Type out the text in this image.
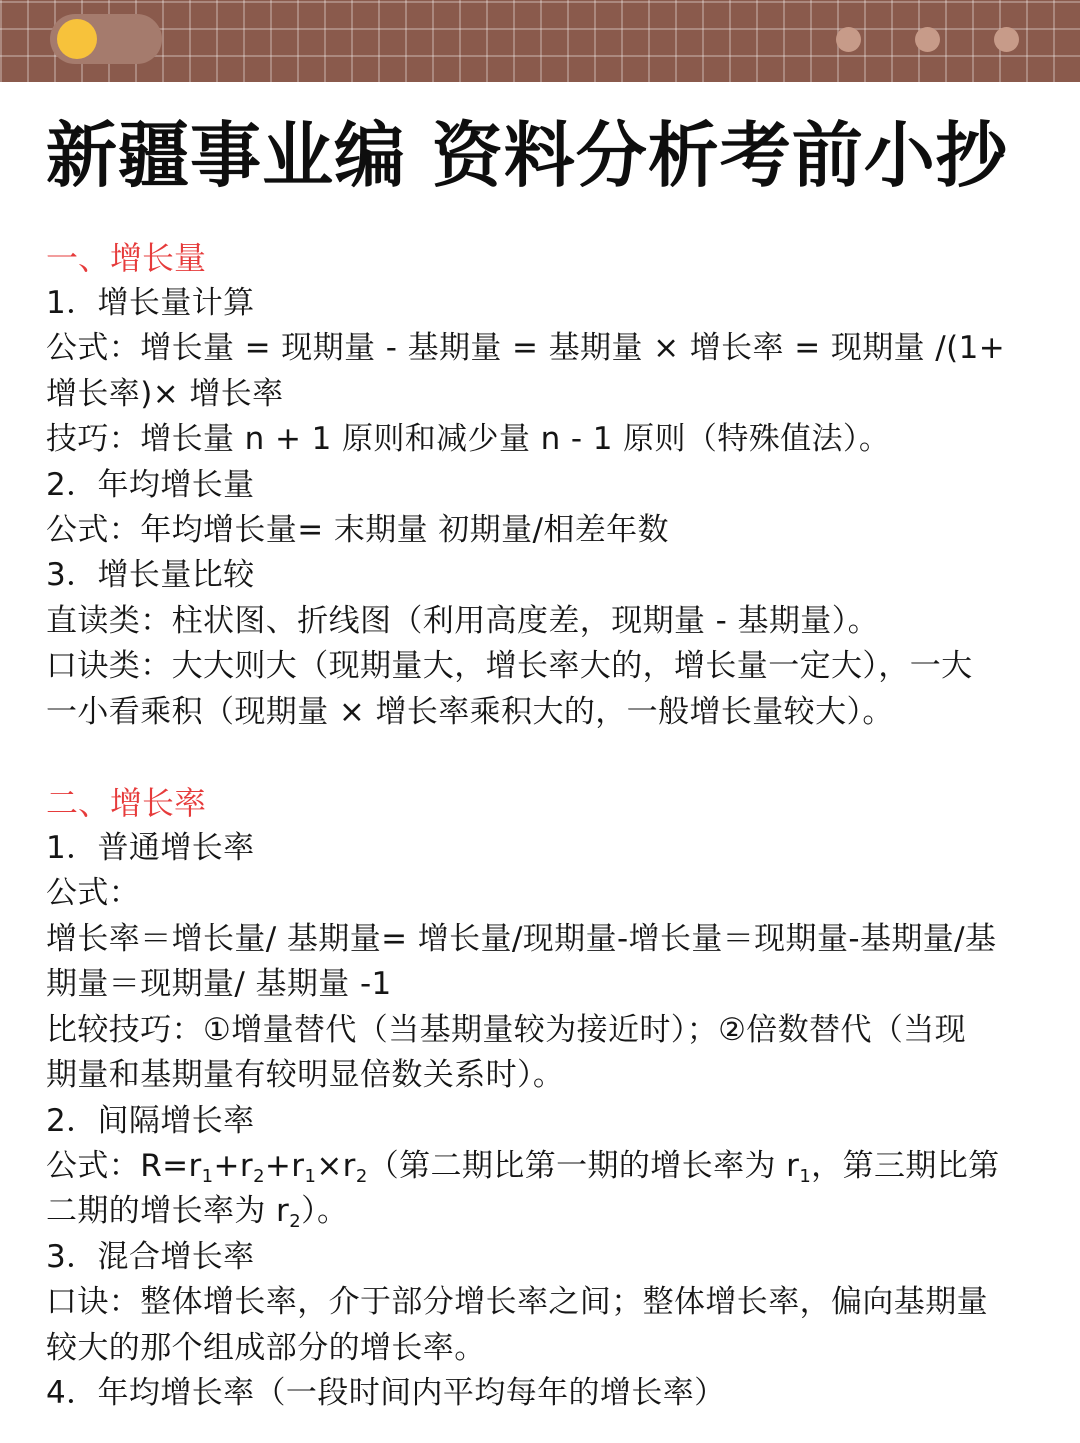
新疆事业编 资料分析考前小抄
一、增长量
1．增长量计算
公式：增长量 = 现期量 - 基期量 = 基期量 × 增长率 = 现期量 /(1+
增长率)× 增长率
技巧：增长量 n + 1 原则和减少量 n - 1 原则（特殊值法）。
2．年均增长量
公式：年均增长量= 末期量 初期量/相差年数
3．增长量比较
直读类：柱状图、折线图（利用高度差，现期量 - 基期量）。
口诀类：大大则大（现期量大，增长率大的，增长量一定大），一大
一小看乘积（现期量 × 增长率乘积大的，一般增长量较大）。
二、增长率
1．普通增长率
公式：
增长率＝增长量/ 基期量= 增长量/现期量-增长量＝现期量-基期量/基
期量＝现期量/ 基期量 -1
比较技巧：①增量替代（当基期量较为接近时）；②倍数替代（当现
期量和基期量有较明显倍数关系时）。
2．间隔增长率
公式：$R=r_1+r_2+r_1\times r_2$（第二期比第一期的增长率为 $r_1$，第三期比第
二期的增长率为 $r_2$）。
3．混合增长率
口诀：整体增长率，介于部分增长率之间；整体增长率，偏向基期量
较大的那个组成部分的增长率。
4．年均增长率（一段时间内平均每年的增长率）
